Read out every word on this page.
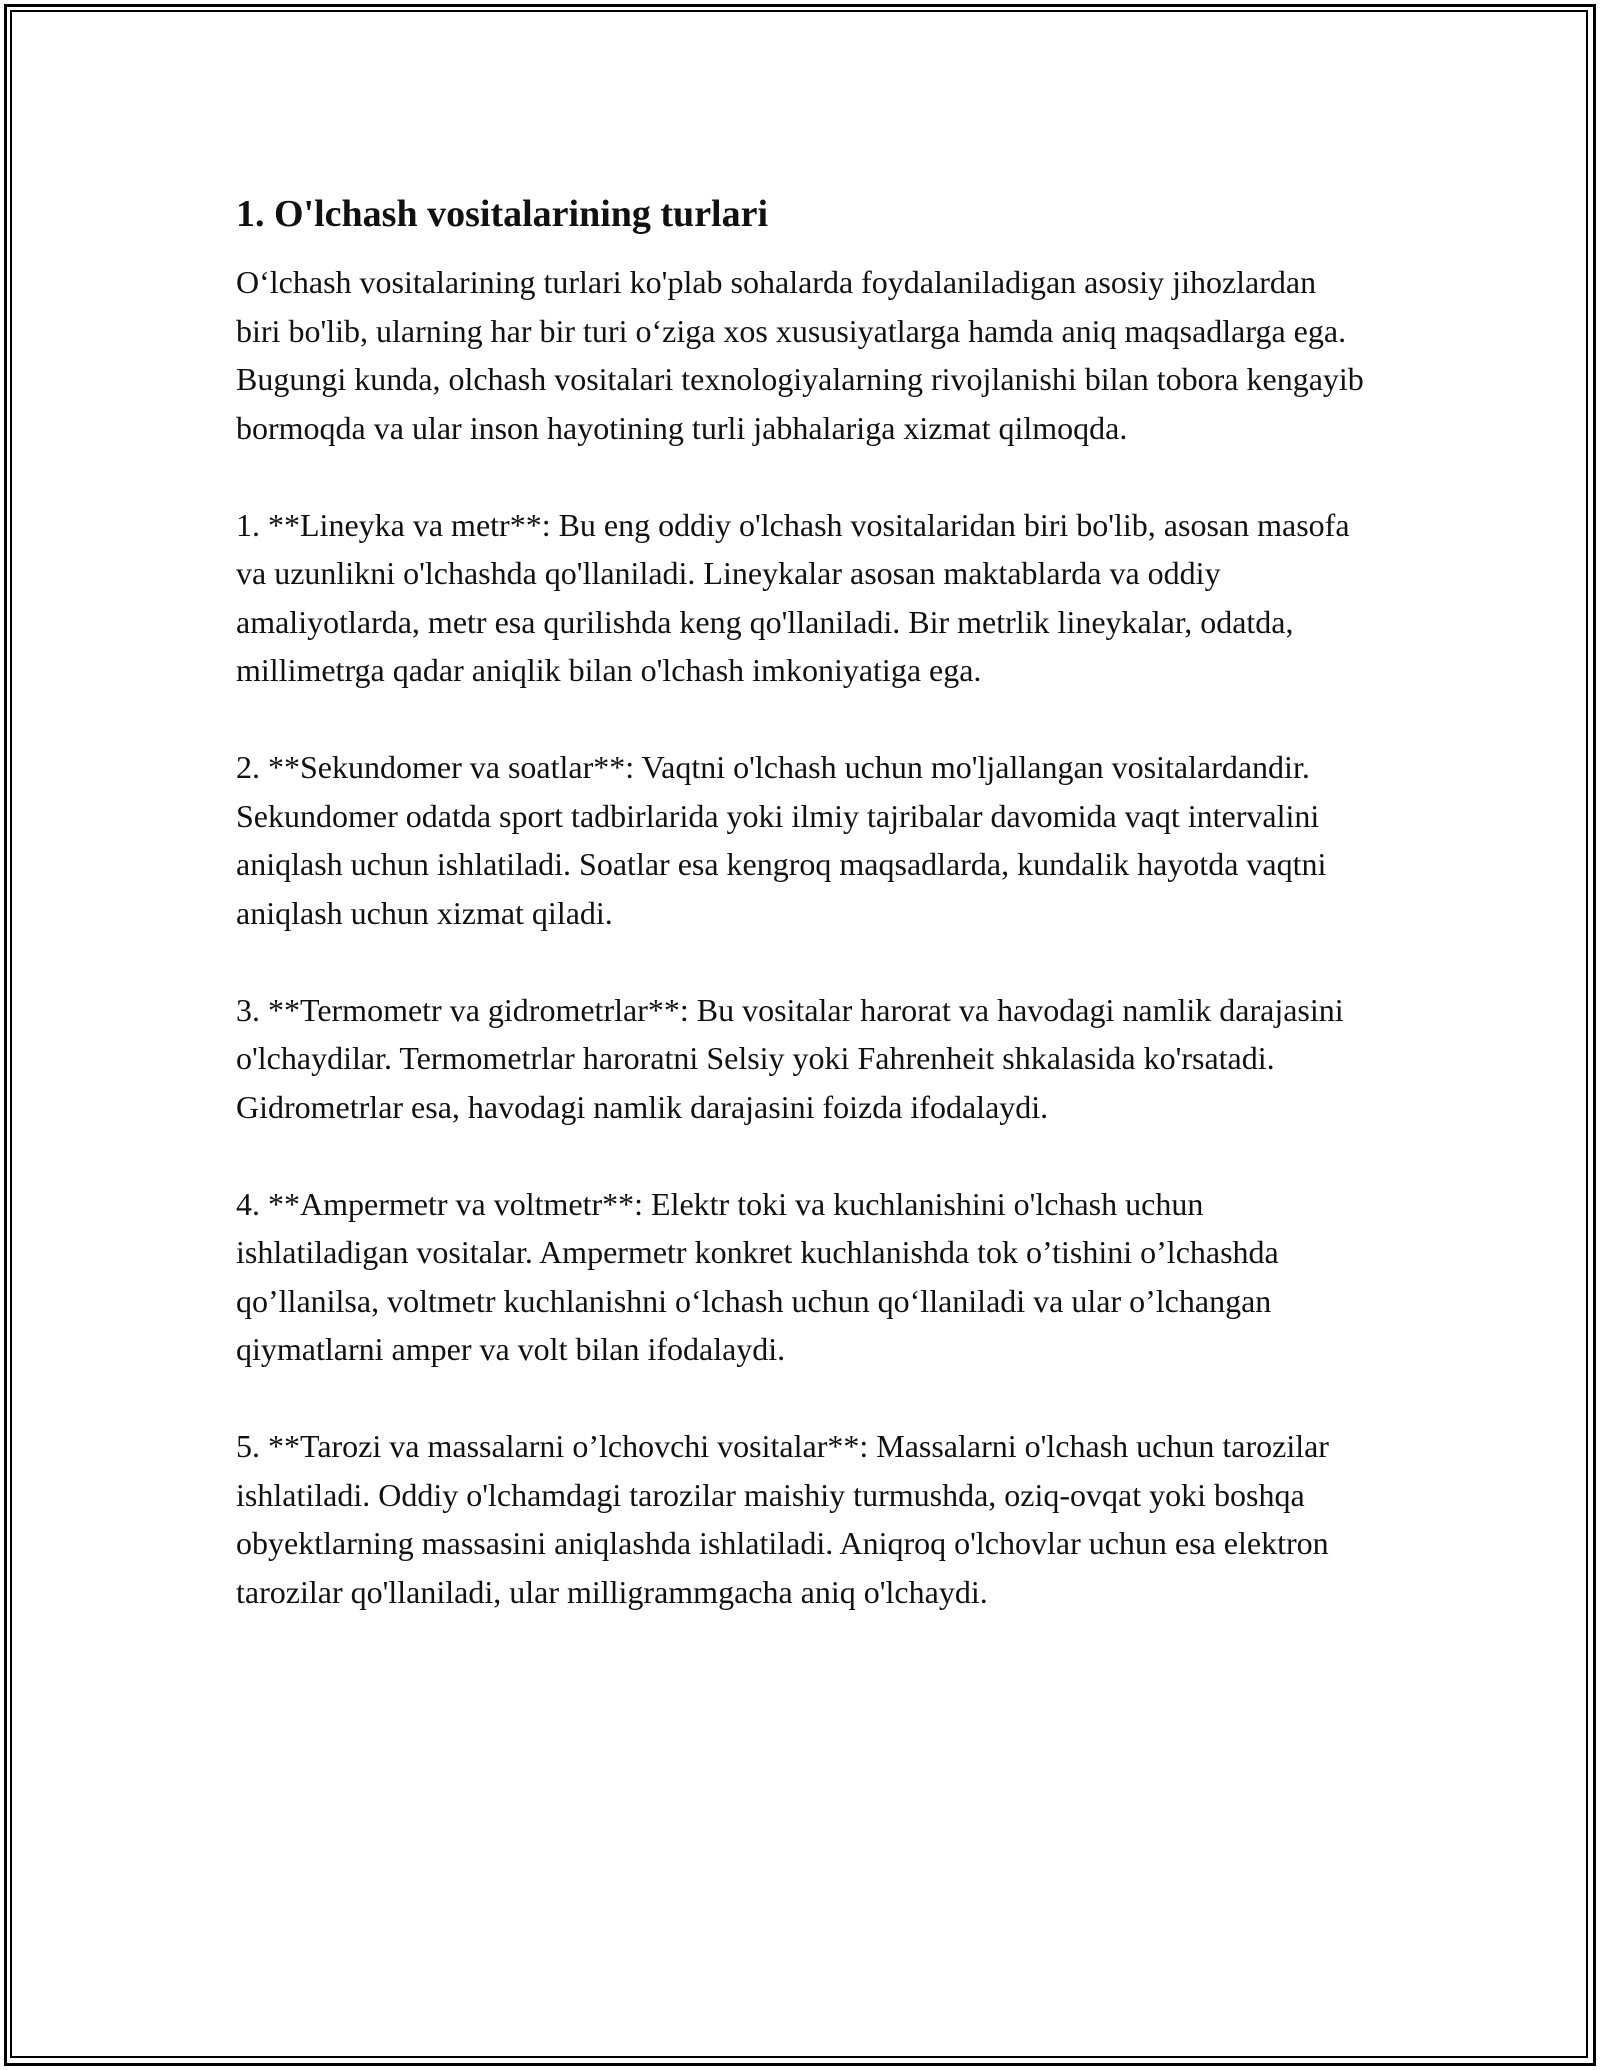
1. O'lchash vositalarining turlari

O‘lchash vositalarining turlari ko'plab sohalarda foydalaniladigan asosiy jihozlardan biri bo'lib, ularning har bir turi o‘ziga xos xususiyatlarga hamda aniq maqsadlarga ega. Bugungi kunda, olchash vositalari texnologiyalarning rivojlanishi bilan tobora kengayib bormoqda va ular inson hayotining turli jabhalariga xizmat qilmoqda.

1. **Lineyka va metr**: Bu eng oddiy o'lchash vositalaridan biri bo'lib, asosan masofa va uzunlikni o'lchashda qo'llaniladi. Lineykalar asosan maktablarda va oddiy amaliyotlarda, metr esa qurilishda keng qo'llaniladi. Bir metrlik lineykalar, odatda, millimetrga qadar aniqlik bilan o'lchash imkoniyatiga ega.

2. **Sekundomer va soatlar**: Vaqtni o'lchash uchun mo'ljallangan vositalardandir. Sekundomer odatda sport tadbirlarida yoki ilmiy tajribalar davomida vaqt intervalini aniqlash uchun ishlatiladi. Soatlar esa kengroq maqsadlarda, kundalik hayotda vaqtni aniqlash uchun xizmat qiladi.

3. **Termometr va gidrometrlar**: Bu vositalar harorat va havodagi namlik darajasini o'lchaydilar. Termometrlar haroratni Selsiy yoki Fahrenheit shkalasida ko'rsatadi. Gidrometrlar esa, havodagi namlik darajasini foizda ifodalaydi.

4. **Ampermetr va voltmetr**: Elektr toki va kuchlanishini o'lchash uchun ishlatiladigan vositalar. Ampermetr konkret kuchlanishda tok o’tishini o’lchashda qo’llanilsa, voltmetr kuchlanishni o‘lchash uchun qo‘llaniladi va ular o’lchangan qiymatlarni amper va volt bilan ifodalaydi.

5. **Tarozi va massalarni o’lchovchi vositalar**: Massalarni o'lchash uchun tarozilar ishlatiladi. Oddiy o'lchamdagi tarozilar maishiy turmushda, oziq-ovqat yoki boshqa obyektlarning massasini aniqlashda ishlatiladi. Aniqroq o'lchovlar uchun esa elektron tarozilar qo'llaniladi, ular milligrammgacha aniq o'lchaydi.
